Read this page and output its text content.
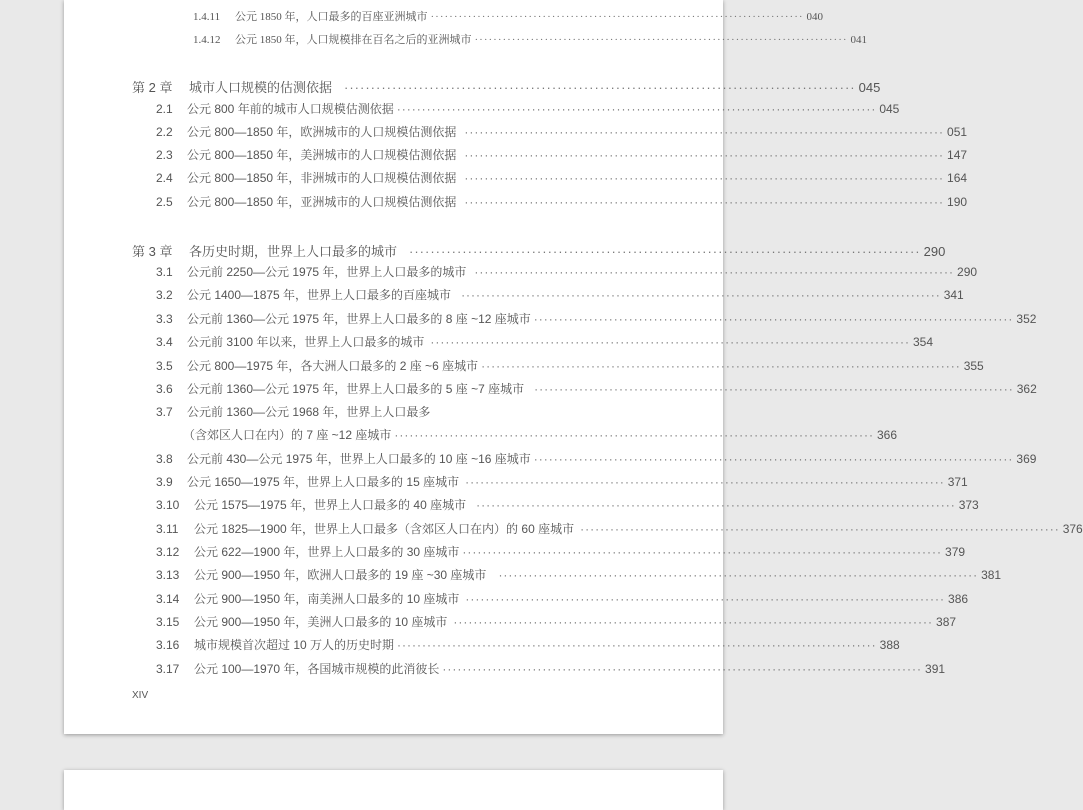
1.4.11	公元 1850 年，人口最多的百座亚洲城市 ················································································ 040
1.4.12	公元 1850 年，人口规模排在百名之后的亚洲城市 ················································································ 041
第 2 章	城市人口规模的估测依据 ································································································ 045
2.1	公元 800 年前的城市人口规模估测依据 ································································································ 045
2.2	公元 800—1850 年，欧洲城市的人口规模估测依据 ································································································ 051
2.3	公元 800—1850 年，美洲城市的人口规模估测依据 ································································································ 147
2.4	公元 800—1850 年，非洲城市的人口规模估测依据 ································································································ 164
2.5	公元 800—1850 年，亚洲城市的人口规模估测依据 ································································································ 190
第 3 章	各历史时期，世界上人口最多的城市 ································································································ 290
3.1	公元前 2250—公元 1975 年，世界上人口最多的城市 ································································································ 290
3.2	公元 1400—1875 年，世界上人口最多的百座城市 ································································································ 341
3.3	公元前 1360—公元 1975 年，世界上人口最多的 8 座 ~12 座城市 ································································································ 352
3.4	公元前 3100 年以来，世界上人口最多的城市 ································································································ 354
3.5	公元 800—1975 年，各大洲人口最多的 2 座 ~6 座城市 ································································································ 355
3.6	公元前 1360—公元 1975 年，世界上人口最多的 5 座 ~7 座城市 ································································································ 362
3.7	公元前 1360—公元 1968 年，世界上人口最多
（含郊区人口在内）的 7 座 ~12 座城市 ································································································ 366
3.8	公元前 430—公元 1975 年，世界上人口最多的 10 座 ~16 座城市 ································································································ 369
3.9	公元 1650—1975 年，世界上人口最多的 15 座城市 ································································································ 371
3.10	公元 1575—1975 年，世界上人口最多的 40 座城市 ································································································ 373
3.11	公元 1825—1900 年，世界上人口最多（含郊区人口在内）的 60 座城市 ································································································ 376
3.12	公元 622—1900 年，世界上人口最多的 30 座城市 ································································································ 379
3.13	公元 900—1950 年，欧洲人口最多的 19 座 ~30 座城市 ································································································ 381
3.14	公元 900—1950 年，南美洲人口最多的 10 座城市 ································································································ 386
3.15	公元 900—1950 年，美洲人口最多的 10 座城市 ································································································ 387
3.16	城市规模首次超过 10 万人的历史时期 ································································································ 388
3.17	公元 100—1970 年，各国城市规模的此消彼长 ································································································ 391
XIV
